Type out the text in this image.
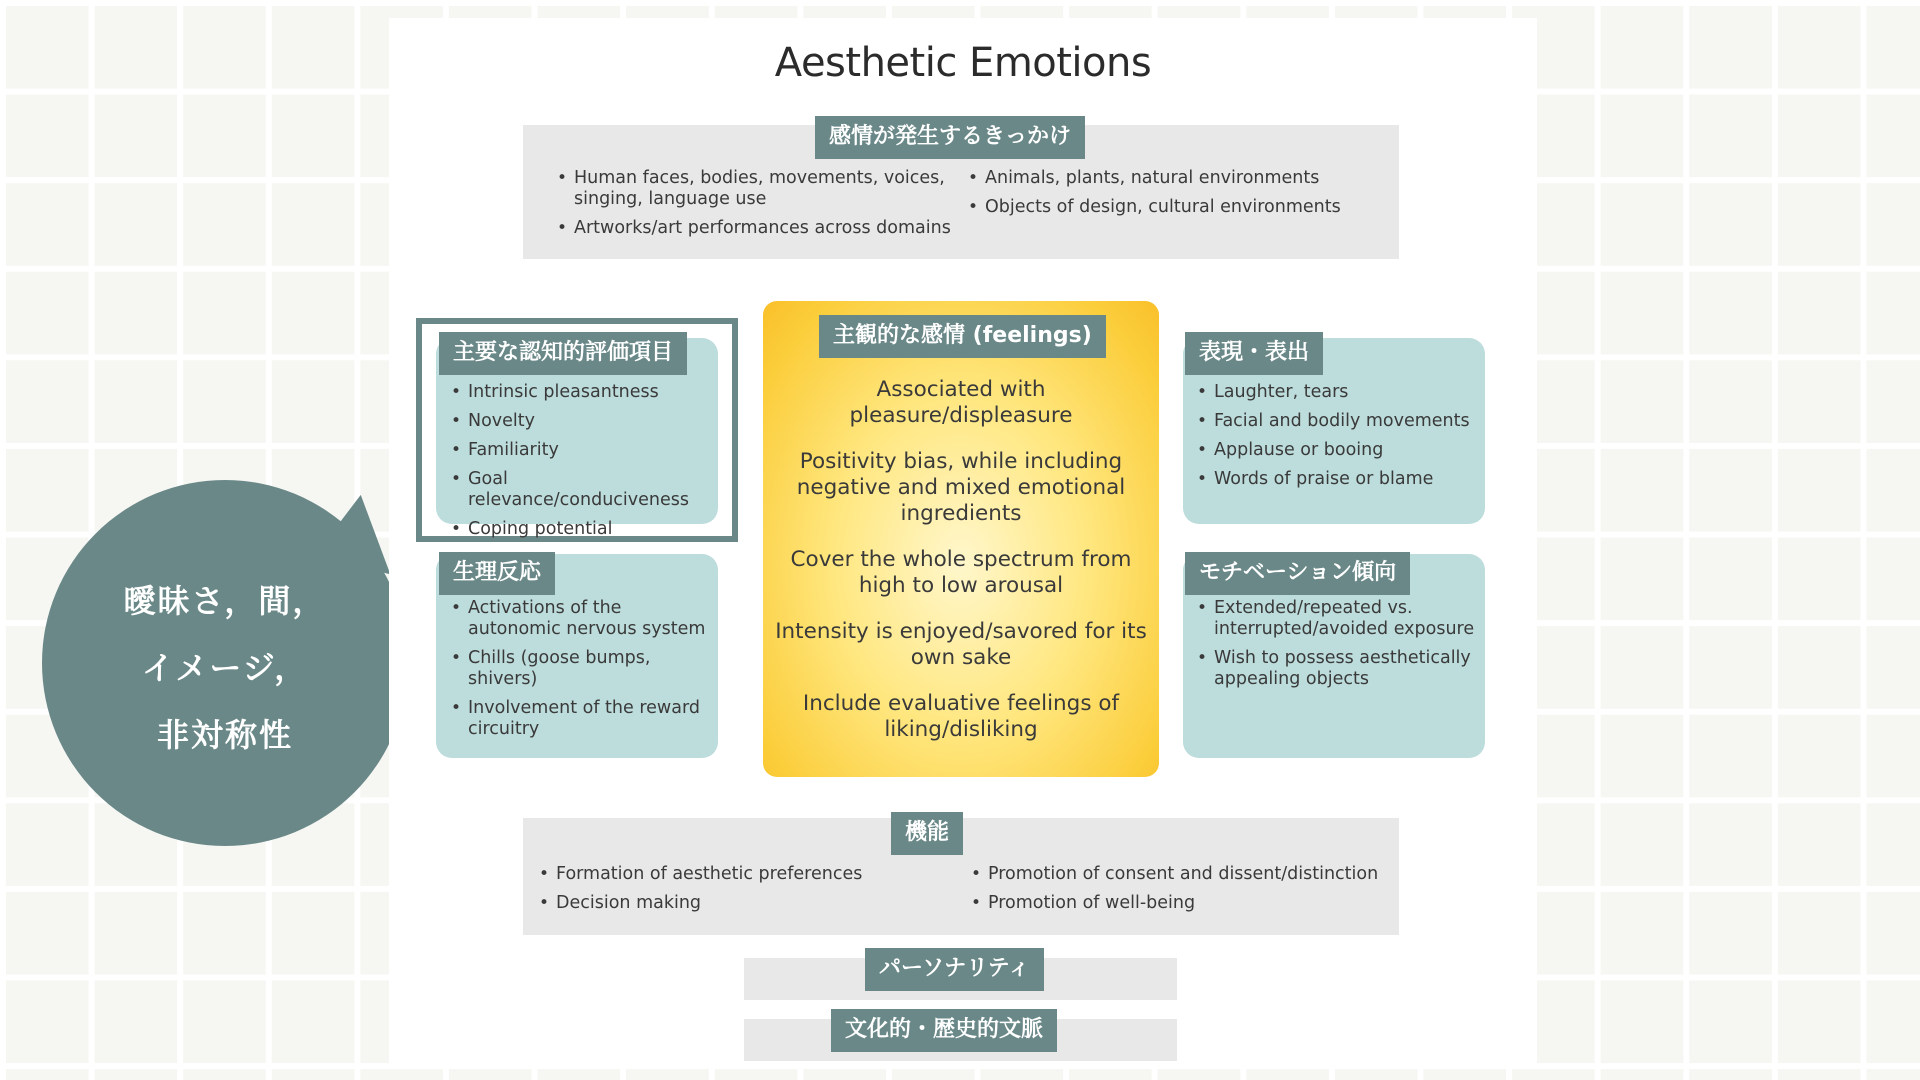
曖昧さ，間，
イメージ，
非対称性
Aesthetic Emotions
感情が発生するきっかけ
• Human faces, bodies, movements, voices, singing, language use
• Artworks/art performances across domains
• Animals, plants, natural environments
• Objects of design, cultural environments
主要な認知的評価項目
• Intrinsic pleasantness
• Novelty
• Familiarity
• Goal relevance/conduciveness
• Coping potential
生理反応
• Activations of the autonomic nervous system
• Chills (goose bumps, shivers)
• Involvement of the reward circuitry
主観的な感情 (feelings)
Associated with pleasure/displeasure
Positivity bias, while including negative and mixed emotional ingredients
Cover the whole spectrum from high to low arousal
Intensity is enjoyed/savored for its own sake
Include evaluative feelings of liking/disliking
表現・表出
• Laughter, tears
• Facial and bodily movements
• Applause or booing
• Words of praise or blame
モチベーション傾向
• Extended/repeated vs. interrupted/avoided exposure
• Wish to possess aesthetically appealing objects
機能
• Formation of aesthetic preferences
• Decision making
• Promotion of consent and dissent/distinction
• Promotion of well-being
パーソナリティ
文化的・歴史的文脈
